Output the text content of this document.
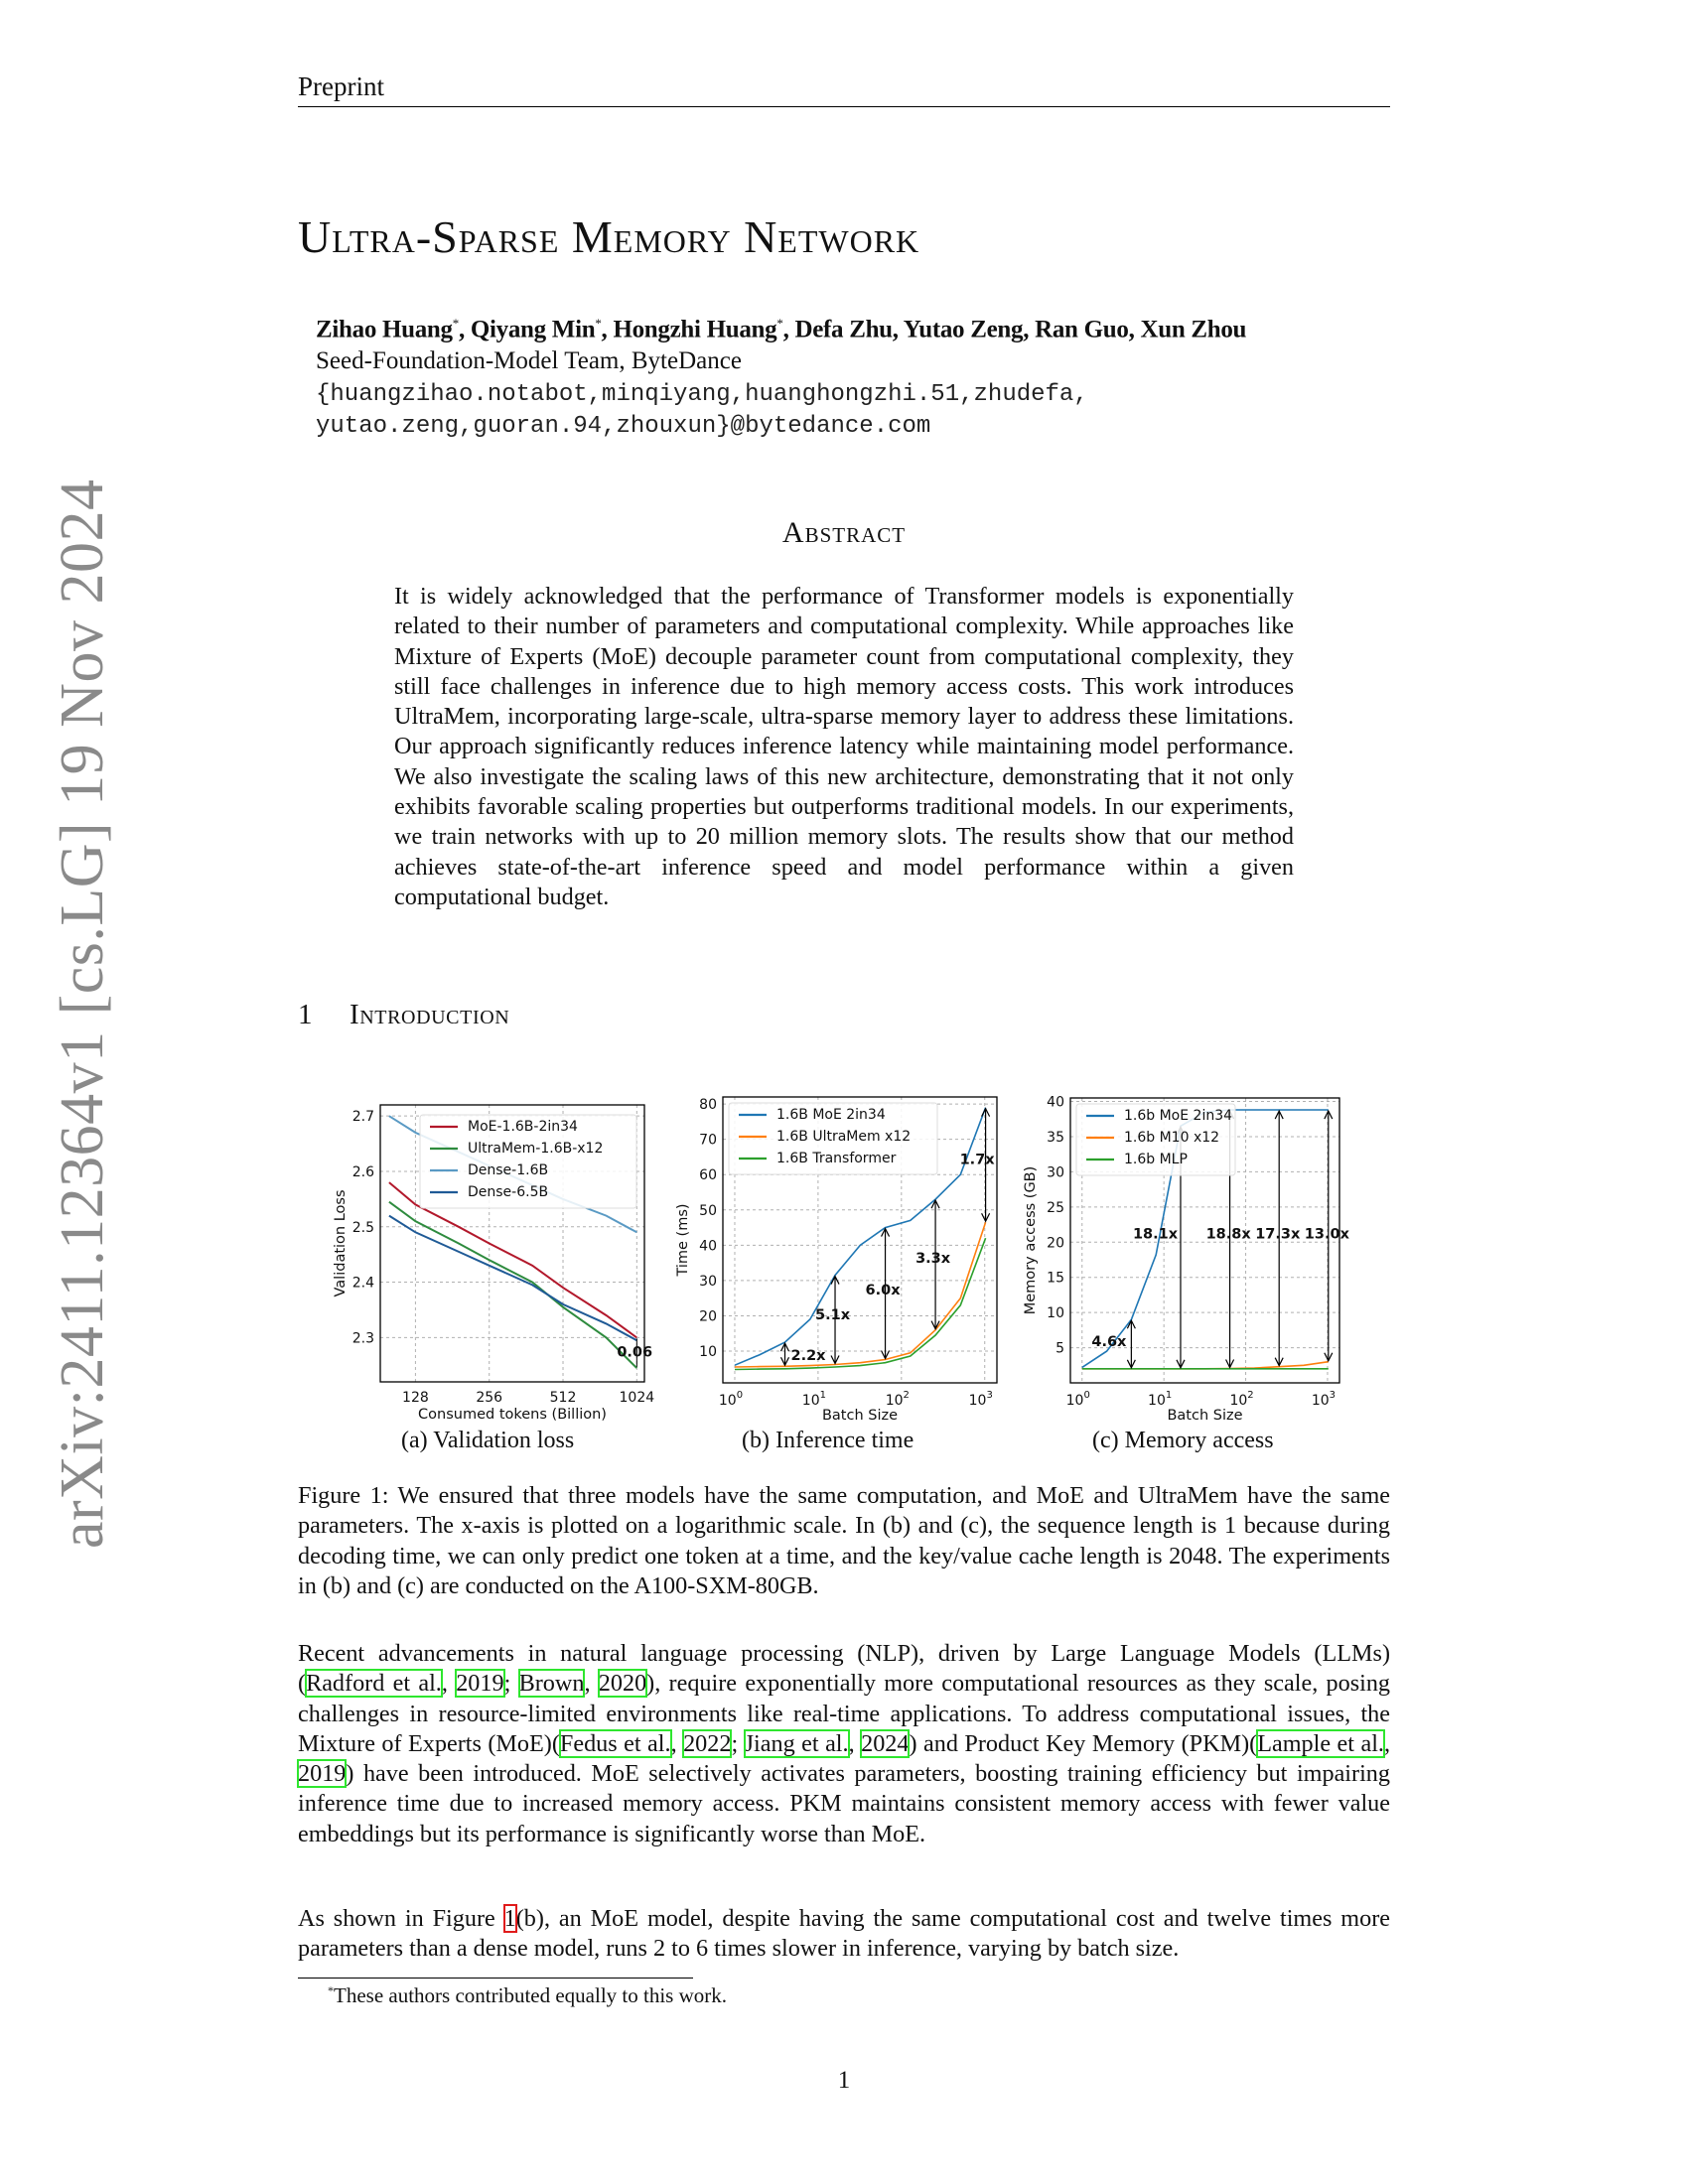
arXiv:2411.12364v1 [cs.LG] 19 Nov 2024
Preprint
Ultra-Sparse Memory Network
Zihao Huang*, Qiyang Min*, Hongzhi Huang*, Defa Zhu, Yutao Zeng, Ran Guo, Xun Zhou
Seed-Foundation-Model Team, ByteDance
{huangzihao.notabot,minqiyang,huanghongzhi.51,zhudefa,
yutao.zeng,guoran.94,zhouxun}@bytedance.com
Abstract
It is widely acknowledged that the performance of Transformer models is exponentially related to their number of parameters and computational complexity. While approaches like Mixture of Experts (MoE) decouple parameter count from computational complexity, they still face challenges in inference due to high memory access costs. This work introduces UltraMem, incorporating large-scale, ultra-sparse memory layer to address these limitations. Our approach significantly reduces inference latency while maintaining model performance. We also investigate the scaling laws of this new architecture, demonstrating that it not only exhibits favorable scaling properties but outperforms traditional models. In our experiments, we train networks with up to 20 million memory slots. The results show that our method achieves state-of-the-art inference speed and model performance within a given computational budget.
1 Introduction
128	256	512	1024
2.3
2.4
2.5
2.6
2.7
0.06
MoE-1.6B-2in34
UltraMem-1.6B-x12
Dense-1.6B
Dense-6.5B
Consumed tokens (Billion)
Validation Loss
$10^0$	$10^1$	$10^2$	$10^3$
10
20
30
40
50
60
70
80
2.2x
5.1x
6.0x
3.3x
1.7x
1.6B MoE 2in34
1.6B UltraMem x12
1.6B Transformer
Batch Size
Time (ms)
$10^0$	$10^1$	$10^2$	$10^3$
5
10
15
20
25
30
35
40
4.6x
18.1x 18.8x 17.3x 13.0x
1.6b MoE 2in34
1.6b M10 x12
1.6b MLP
Batch Size
Memory access (GB)
(a) Validation loss	(b) Inference time	(c) Memory access
Figure 1: We ensured that three models have the same computation, and MoE and UltraMem have the same parameters. The x-axis is plotted on a logarithmic scale. In (b) and (c), the sequence length is 1 because during decoding time, we can only predict one token at a time, and the key/value cache length is 2048. The experiments in (b) and (c) are conducted on the A100-SXM-80GB.
Recent advancements in natural language processing (NLP), driven by Large Language Models (LLMs) (Radford et al., 2019; Brown, 2020), require exponentially more computational resources as they scale, posing challenges in resource-limited environments like real-time applications. To address computational issues, the Mixture of Experts (MoE)(Fedus et al., 2022; Jiang et al., 2024) and Product Key Memory (PKM)(Lample et al., 2019) have been introduced. MoE selectively activates parameters, boosting training efficiency but impairing inference time due to increased memory access. PKM maintains consistent memory access with fewer value embeddings but its performance is significantly worse than MoE.
As shown in Figure 1(b), an MoE model, despite having the same computational cost and twelve times more parameters than a dense model, runs 2 to 6 times slower in inference, varying by batch size.
*These authors contributed equally to this work.
1
